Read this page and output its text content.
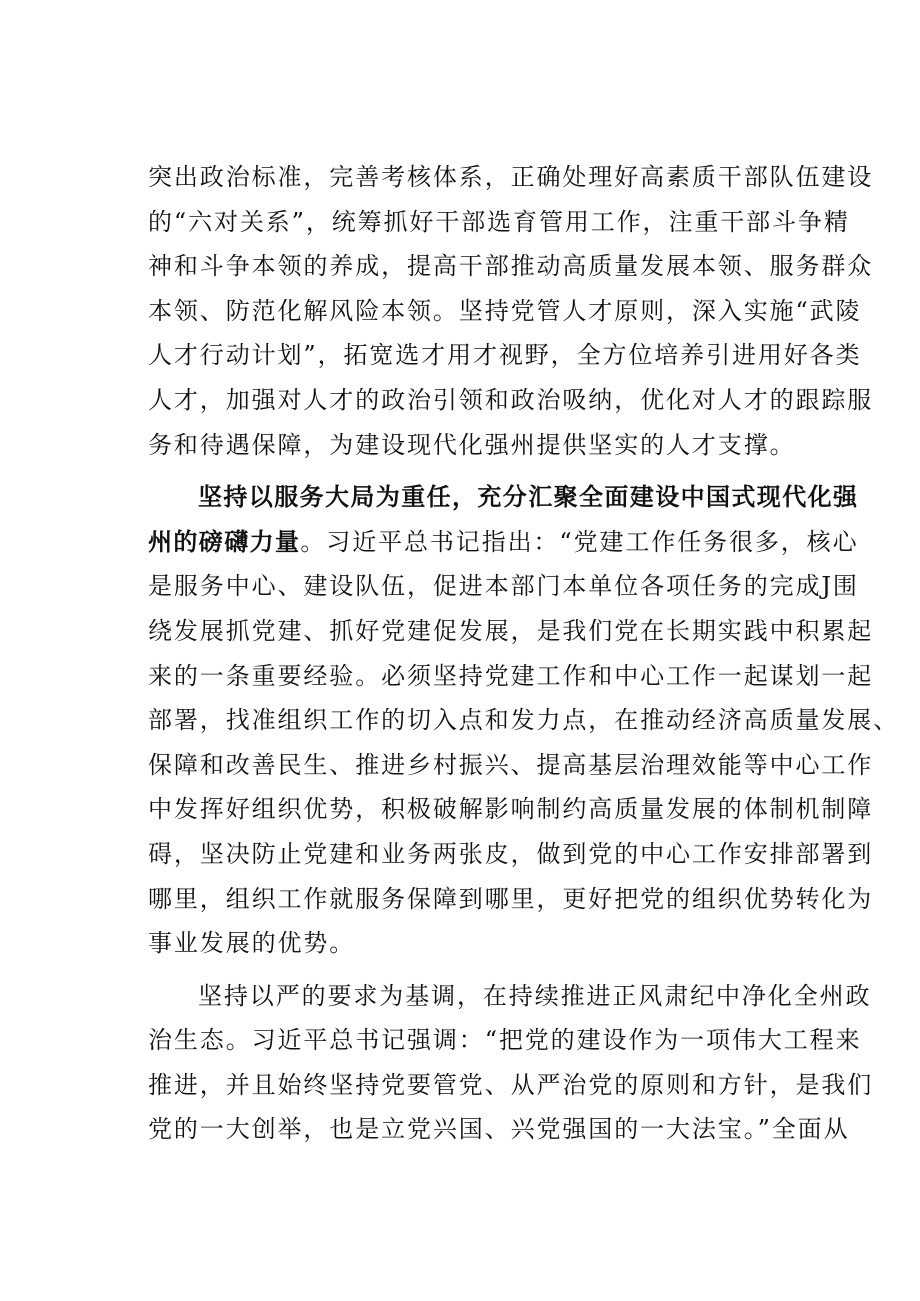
突出政治标准，完善考核体系，正确处理好高素质干部队伍建设
的“六对关系”，统筹抓好干部选育管用工作，注重干部斗争精
神和斗争本领的养成，提高干部推动高质量发展本领、服务群众
本领、防范化解风险本领。坚持党管人才原则，深入实施“武陵
人才行动计划”，拓宽选才用才视野，全方位培养引进用好各类
人才，加强对人才的政治引领和政治吸纳，优化对人才的跟踪服
务和待遇保障，为建设现代化强州提供坚实的人才支撑。
坚持以服务大局为重任，充分汇聚全面建设中国式现代化强
州的磅礴力量。习近平总书记指出：“党建工作任务很多，核心
是服务中心、建设队伍，促进本部门本单位各项任务的完成J围
绕发展抓党建、抓好党建促发展，是我们党在长期实践中积累起
来的一条重要经验。必须坚持党建工作和中心工作一起谋划一起
部署，找准组织工作的切入点和发力点，在推动经济高质量发展、
保障和改善民生、推进乡村振兴、提高基层治理效能等中心工作
中发挥好组织优势，积极破解影响制约高质量发展的体制机制障
碍，坚决防止党建和业务两张皮，做到党的中心工作安排部署到
哪里，组织工作就服务保障到哪里，更好把党的组织优势转化为
事业发展的优势。
坚持以严的要求为基调，在持续推进正风肃纪中净化全州政
治生态。习近平总书记强调：“把党的建设作为一项伟大工程来
推进，并且始终坚持党要管党、从严治党的原则和方针，是我们
党的一大创举，也是立党兴国、兴党强国的一大法宝。”全面从
